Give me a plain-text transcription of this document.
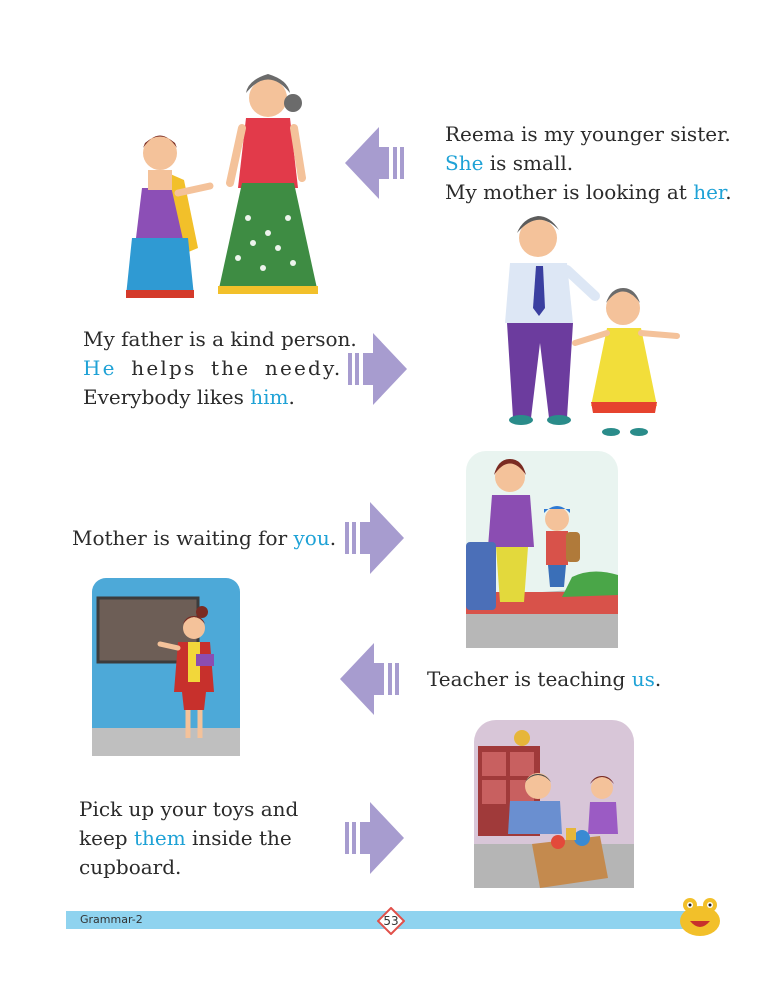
Reema is my younger sister.
She is small.
My mother is looking at her.
My father is a kind person.
He helps the needy.
Everybody likes him.
Mother is waiting for you.
Teacher is teaching us.
Pick up your toys and
keep them inside the
cupboard.
Grammar-2	53
